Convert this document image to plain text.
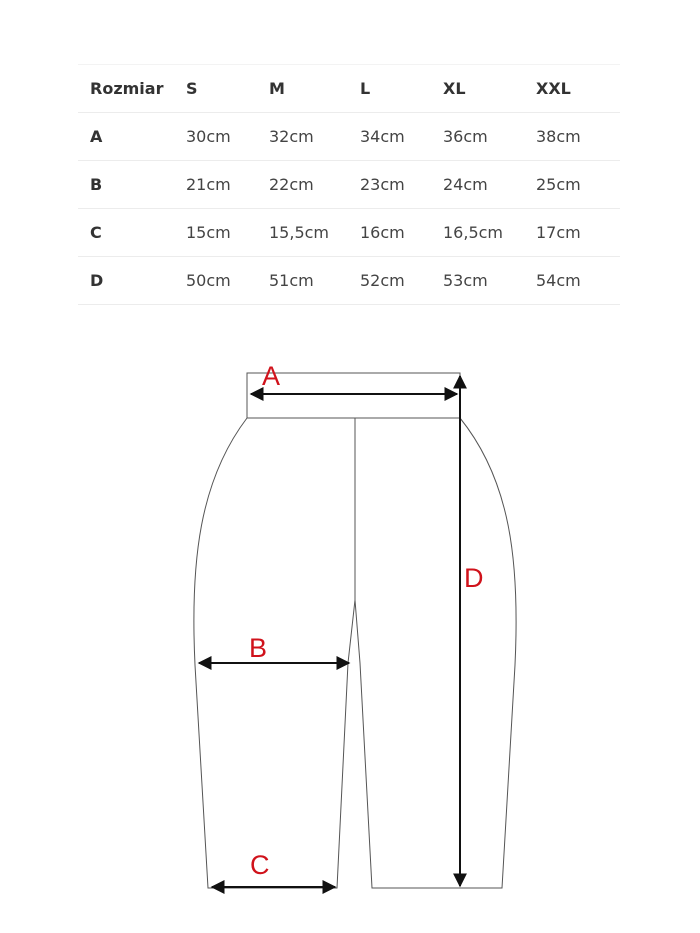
Rozmiar	S	M	L	XL	XXL
A	30cm	32cm	34cm	36cm	38cm
B	21cm	22cm	23cm	24cm	25cm
C	15cm	15,5cm	16cm	16,5cm	17cm
D	50cm	51cm	52cm	53cm	54cm
A
B
C
D
